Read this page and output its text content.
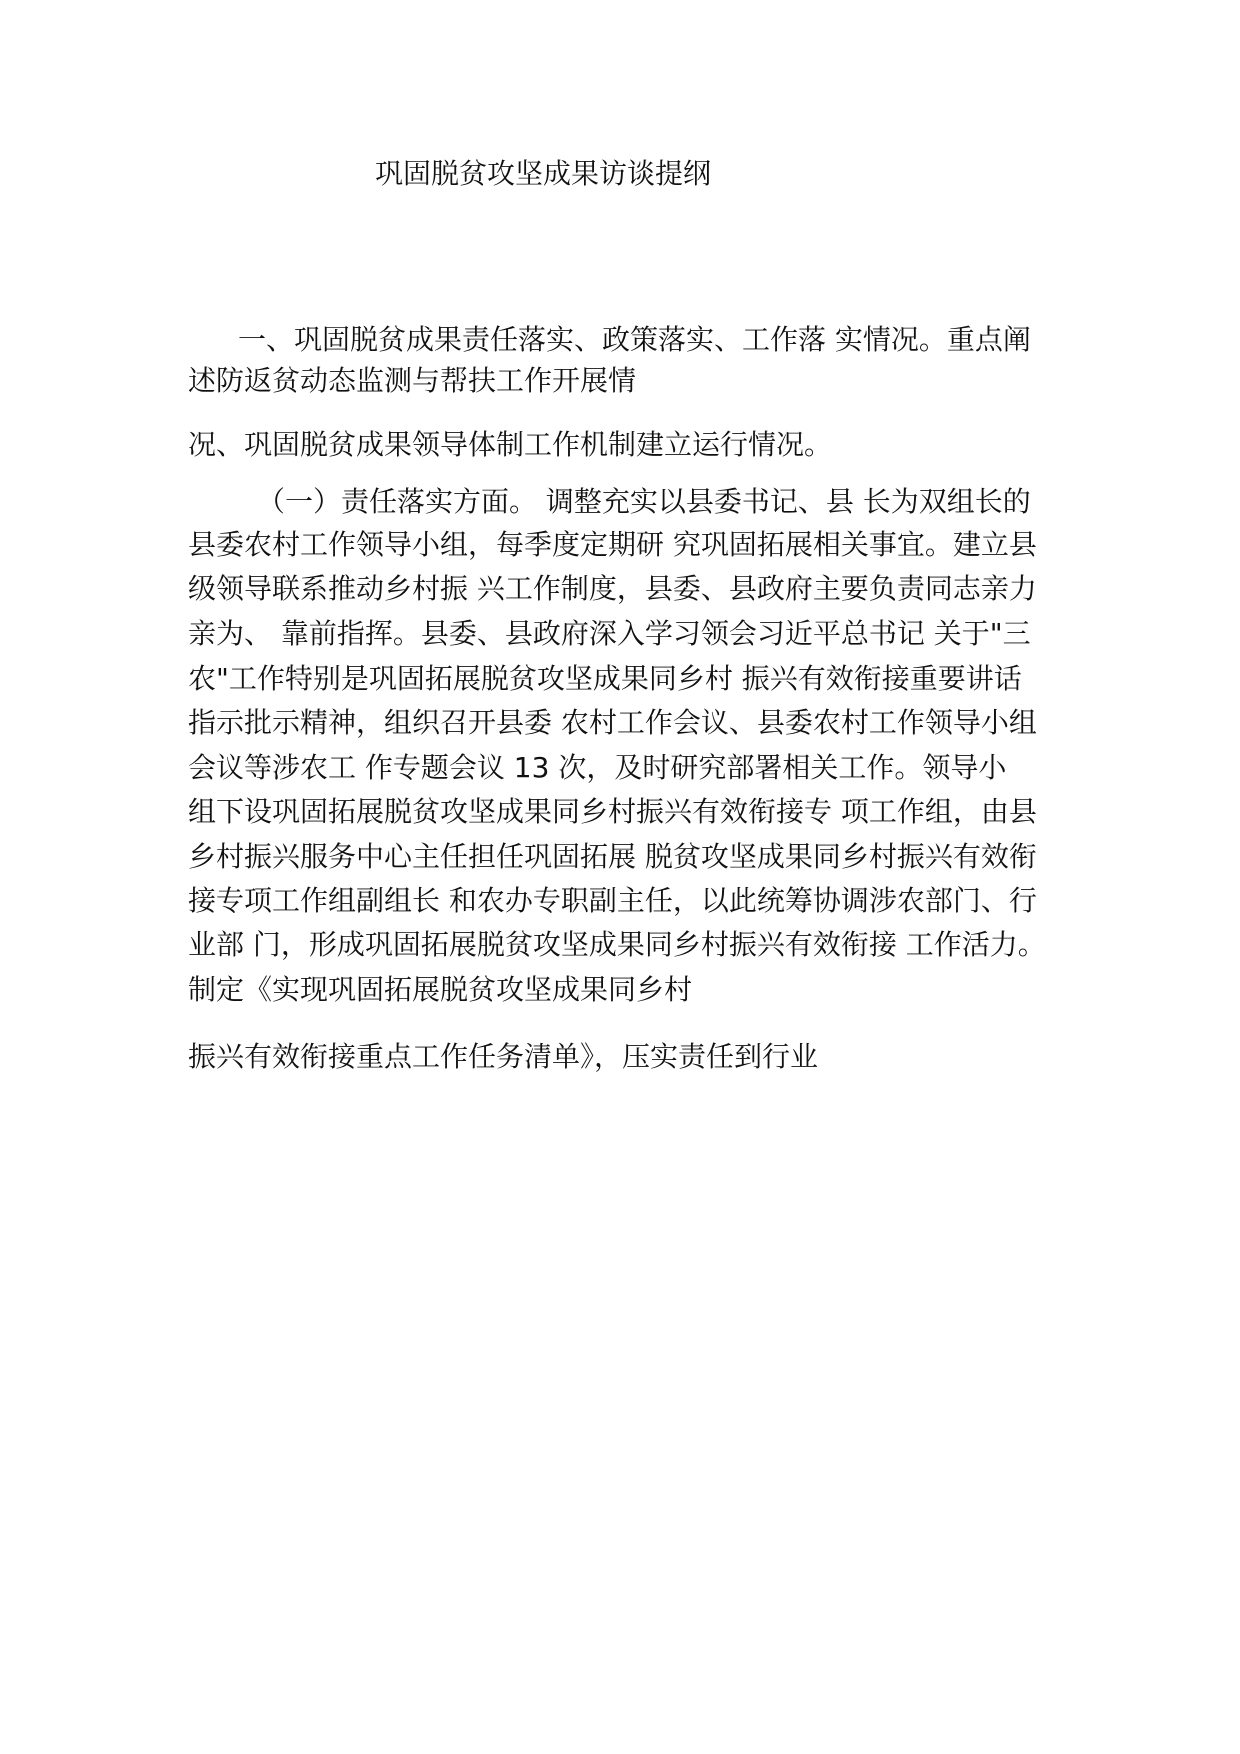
巩固脱贫攻坚成果访谈提纲
一、巩固脱贫成果责任落实、政策落实、工作落 实情况。重点阐
述防返贫动态监测与帮扶工作开展情
况、巩固脱贫成果领导体制工作机制建立运行情况。
（一）责任落实方面。 调整充实以县委书记、县 长为双组长的
县委农村工作领导小组，每季度定期研 究巩固拓展相关事宜。建立县
级领导联系推动乡村振 兴工作制度，县委、县政府主要负责同志亲力
亲为、 靠前指挥。县委、县政府深入学习领会习近平总书记 关于"三
农"工作特别是巩固拓展脱贫攻坚成果同乡村 振兴有效衔接重要讲话
指示批示精神，组织召开县委 农村工作会议、县委农村工作领导小组
会议等涉农工 作专题会议 13 次，及时研究部署相关工作。领导小
组下设巩固拓展脱贫攻坚成果同乡村振兴有效衔接专 项工作组，由县
乡村振兴服务中心主任担任巩固拓展 脱贫攻坚成果同乡村振兴有效衔
接专项工作组副组长 和农办专职副主任，以此统筹协调涉农部门、行
业部 门，形成巩固拓展脱贫攻坚成果同乡村振兴有效衔接 工作活力。
制定《实现巩固拓展脱贫攻坚成果同乡村
振兴有效衔接重点工作任务清单》，压实责任到行业
